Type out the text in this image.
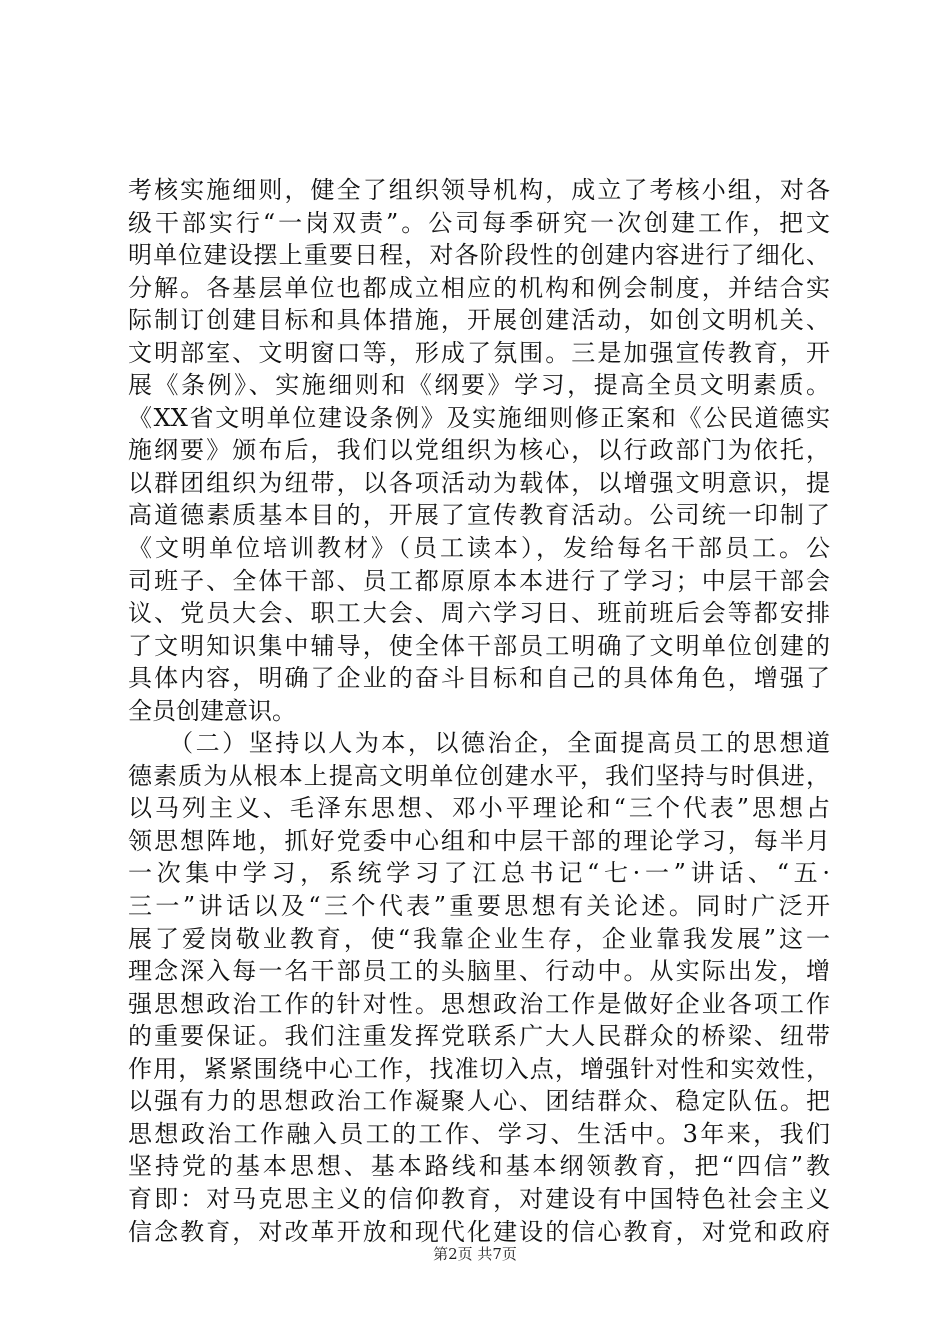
考核实施细则，健全了组织领导机构，成立了考核小组，对各
级干部实行“一岗双责”。公司每季研究一次创建工作，把文
明单位建设摆上重要日程，对各阶段性的创建内容进行了细化、
分解。各基层单位也都成立相应的机构和例会制度，并结合实
际制订创建目标和具体措施，开展创建活动，如创文明机关、
文明部室、文明窗口等，形成了氛围。三是加强宣传教育，开
展《条例》、实施细则和《纲要》学习，提高全员文明素质。
《XX省文明单位建设条例》及实施细则修正案和《公民道德实
施纲要》颁布后，我们以党组织为核心，以行政部门为依托，
以群团组织为纽带，以各项活动为载体，以增强文明意识，提
高道德素质基本目的，开展了宣传教育活动。公司统一印制了
《文明单位培训教材》（员工读本），发给每名干部员工。公
司班子、全体干部、员工都原原本本进行了学习；中层干部会
议、党员大会、职工大会、周六学习日、班前班后会等都安排
了文明知识集中辅导，使全体干部员工明确了文明单位创建的
具体内容，明确了企业的奋斗目标和自己的具体角色，增强了
全员创建意识。
　　（二）坚持以人为本，以德治企，全面提高员工的思想道
德素质为从根本上提高文明单位创建水平，我们坚持与时俱进，
以马列主义、毛泽东思想、邓小平理论和“三个代表”思想占
领思想阵地，抓好党委中心组和中层干部的理论学习，每半月
一次集中学习，系统学习了江总书记“七·一”讲话、“五·
三一”讲话以及“三个代表”重要思想有关论述。同时广泛开
展了爱岗敬业教育，使“我靠企业生存，企业靠我发展”这一
理念深入每一名干部员工的头脑里、行动中。从实际出发，增
强思想政治工作的针对性。思想政治工作是做好企业各项工作
的重要保证。我们注重发挥党联系广大人民群众的桥梁、纽带
作用，紧紧围绕中心工作，找准切入点，增强针对性和实效性，
以强有力的思想政治工作凝聚人心、团结群众、稳定队伍。把
思想政治工作融入员工的工作、学习、生活中。3年来，我们
坚持党的基本思想、基本路线和基本纲领教育，把“四信”教
育即：对马克思主义的信仰教育，对建设有中国特色社会主义
信念教育，对改革开放和现代化建设的信心教育，对党和政府
第2页 共7页
